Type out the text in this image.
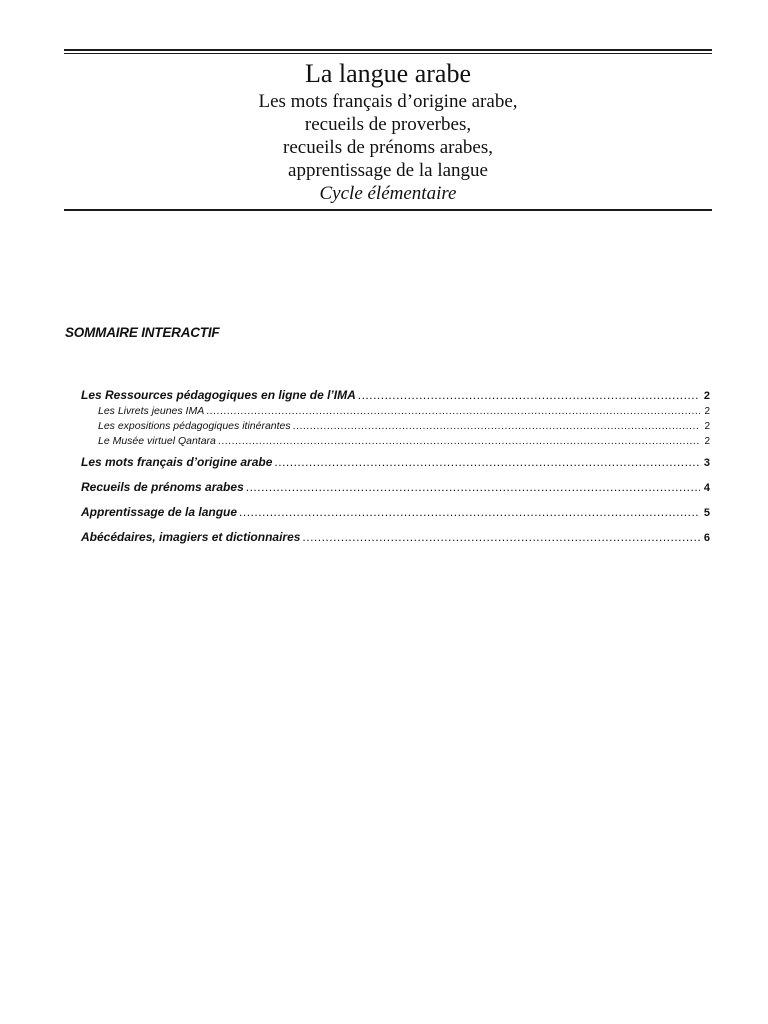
La langue arabe
Les mots français d’origine arabe,
recueils de proverbes,
recueils de prénoms arabes,
apprentissage de la langue
Cycle élémentaire
SOMMAIRE INTERACTIF
Les Ressources pédagogiques en ligne de l’IMA .....	2
Les Livrets jeunes IMA .....	2
Les expositions pédagogiques itinérantes .....	2
Le Musée virtuel Qantara .....	2
Les mots français d’origine arabe .....	3
Recueils de prénoms arabes .....	4
Apprentissage de la langue .....	5
Abécédaires, imagiers et dictionnaires .....	6
